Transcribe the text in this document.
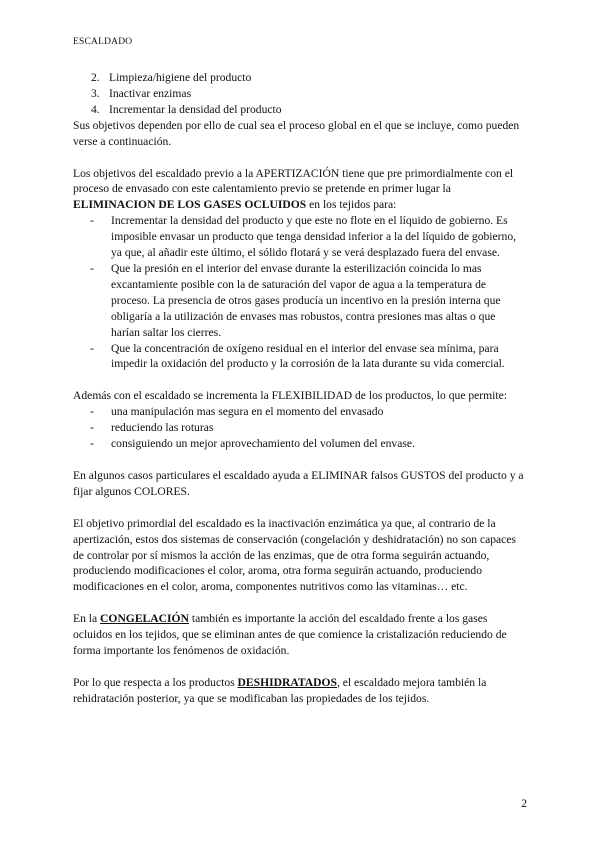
ESCALDADO
2. Limpieza/higiene del producto
3. Inactivar enzimas
4. Incrementar la densidad del producto

Sus objetivos dependen por ello de cual sea el proceso global en el que se incluye, como pueden verse a continuación.

Los objetivos del escaldado previo a la APERTIZACIÓN tiene que pre primordialmente con el proceso de envasado con este calentamiento previo se pretende en primer lugar la ELIMINACION DE LOS GASES OCLUIDOS en los tejidos para:

-	Incrementar la densidad del producto y que este no flote en el líquido de gobierno. Es imposible envasar un producto que tenga densidad inferior a la del líquido de gobierno, ya que, al añadir este último, el sólido flotará y se verá desplazado fuera del envase.
-	Que la presión en el interior del envase durante la esterilización coincida lo mas excantamiente posible con la de saturación del vapor de agua a la temperatura de proceso. La presencia de otros gases producía un incentivo en la presión interna que obligaría a la utilización de envases mas robustos, contra presiones mas altas o que harían saltar los cierres.
-	Que la concentración de oxígeno residual en el interior del envase sea mínima, para impedir la oxidación del producto y la corrosión de la lata durante su vida comercial.

Además con el escaldado se incrementa la FLEXIBILIDAD de los productos, lo que permite:

-	una manipulación mas segura en el momento del envasado
-	reduciendo las roturas
-	consiguiendo un mejor aprovechamiento del volumen del envase.

En algunos casos particulares el escaldado ayuda a ELIMINAR falsos GUSTOS del producto y a fijar algunos COLORES.

El objetivo primordial del escaldado es la inactivación enzimática ya que, al contrario de la apertización, estos dos sistemas de conservación (congelación y deshidratación) no son capaces de controlar por sí mismos la acción de las enzimas, que de otra forma seguirán actuando, produciendo modificaciones el color, aroma, otra forma seguirán actuando, produciendo modificaciones en el color, aroma, componentes nutritivos como las vitaminas… etc.

En la CONGELACIÓN también es importante la acción del escaldado frente a los gases ocluidos en los tejidos, que se eliminan antes de que comience la cristalización reduciendo de forma importante los fenómenos de oxidación.

Por lo que respecta a los productos DESHIDRATADOS, el escaldado mejora también la rehidratación posterior, ya que se modificaban las propiedades de los tejidos.

2
